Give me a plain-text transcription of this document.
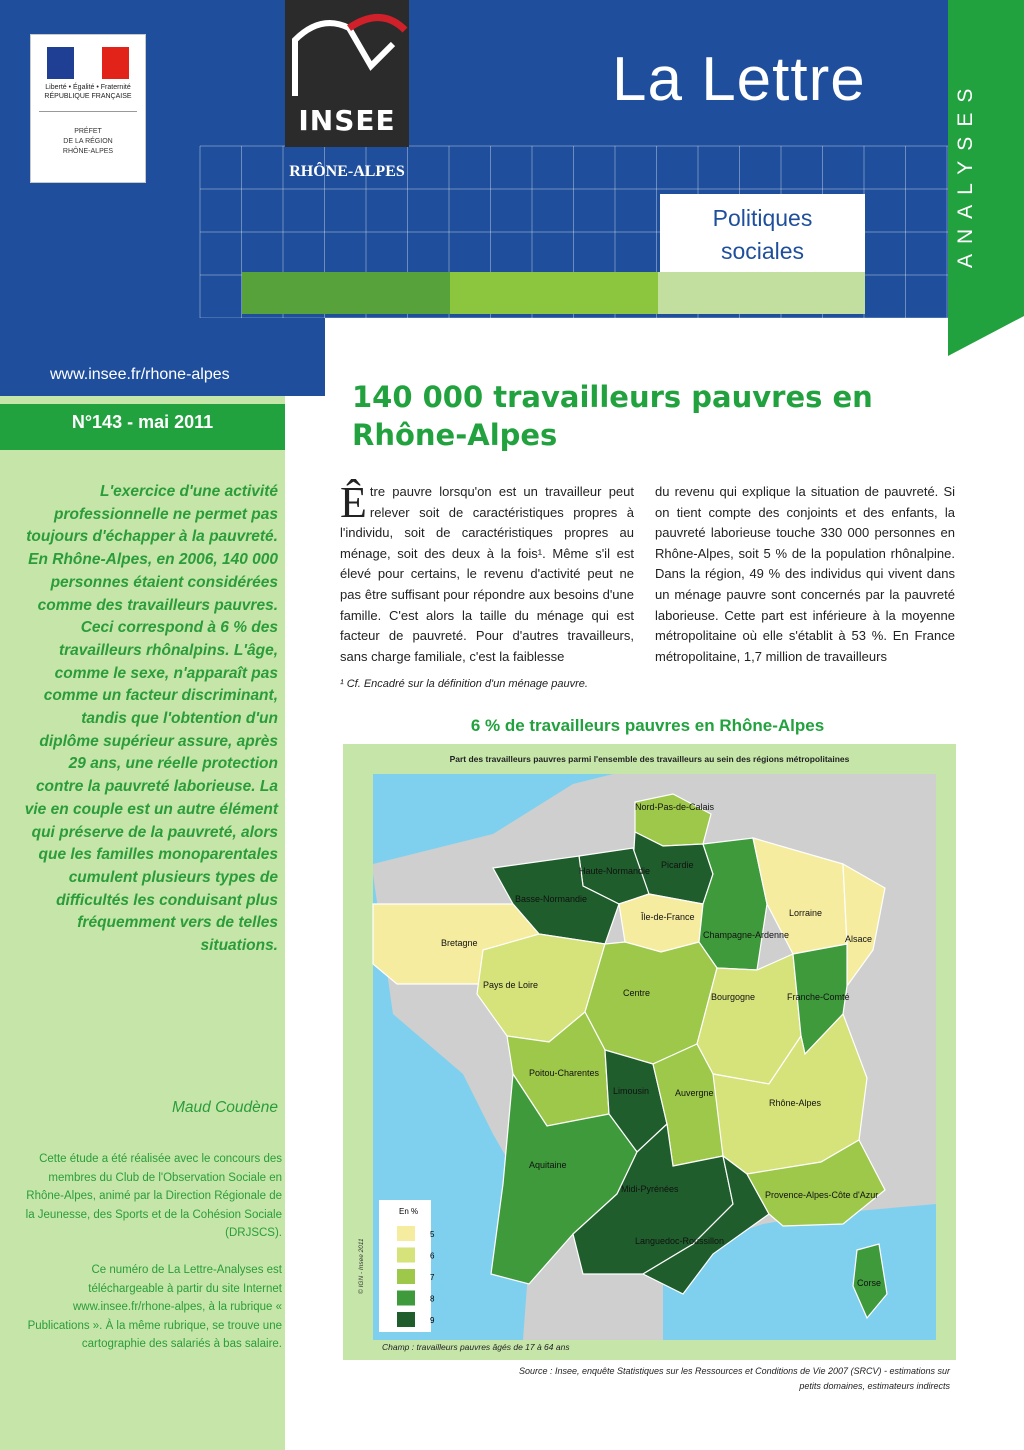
Liberté • Égalité • Fraternité
RÉPUBLIQUE FRANÇAISE
PRÉFET
DE LA RÉGION
RHÔNE-ALPES
INSEE
RHÔNE-ALPES
La Lettre
Politiques
sociales
www.insee.fr/rhone-alpes
N°143 - mai 2011
L'exercice d'une activité professionnelle ne permet pas toujours d'échapper à la pauvreté. En Rhône-Alpes, en 2006, 140 000 personnes étaient considérées comme des travailleurs pauvres. Ceci correspond à 6 % des travailleurs rhônalpins. L'âge, comme le sexe, n'apparaît pas comme un facteur discriminant, tandis que l'obtention d'un diplôme supérieur assure, après 29 ans, une réelle protection contre la pauvreté laborieuse. La vie en couple est un autre élément qui préserve de la pauvreté, alors que les familles monoparentales cumulent plusieurs types de difficultés les conduisant plus fréquemment vers de telles situations.
Maud Coudène
Cette étude a été réalisée avec le concours des membres du Club de l'Observation Sociale en Rhône-Alpes, animé par la Direction Régionale de la Jeunesse, des Sports et de la Cohésion Sociale (DRJSCS).
Ce numéro de La Lettre-Analyses est téléchargeable à partir du site Internet www.insee.fr/rhone-alpes, à la rubrique « Publications ». À la même rubrique, se trouve une cartographie des salariés à bas salaire.
140 000 travailleurs pauvres en Rhône-Alpes
Être pauvre lorsqu'on est un travailleur peut relever soit de caractéristiques propres à l'individu, soit de caractéristiques propres au ménage, soit des deux à la fois¹. Même s'il est élevé pour certains, le revenu d'activité peut ne pas être suffisant pour répondre aux besoins d'une famille. C'est alors la taille du ménage qui est facteur de pauvreté. Pour d'autres travailleurs, sans charge familiale, c'est la faiblesse
du revenu qui explique la situation de pauvreté. Si on tient compte des conjoints et des enfants, la pauvreté laborieuse touche 330 000 personnes en Rhône-Alpes, soit 5 % de la population rhônalpine. Dans la région, 49 % des individus qui vivent dans un ménage pauvre sont concernés par la pauvreté laborieuse. Cette part est inférieure à la moyenne métropolitaine où elle s'établit à 53 %. En France métropolitaine, 1,7 million de travailleurs
¹ Cf. Encadré sur la définition d'un ménage pauvre.
6 % de travailleurs pauvres en Rhône-Alpes
Part des travailleurs pauvres parmi l'ensemble des travailleurs au sein des régions métropolitaines
Nord-Pas-de-Calais
Picardie
Haute-Normandie
Basse-Normandie
Île-de-France
Champagne-Ardenne
Lorraine
Alsace
Bretagne
Pays de Loire
Centre	Bourgogne	Franche-Comté
Poitou-Charentes
Limousin	Auvergne
Rhône-Alpes
Aquitaine
Midi-Pyrénées
Languedoc-Roussillon
Provence-Alpes-Côte d'Azur
Corse
En %
5
6
7
8
9
© IGN - Insee 2011
Champ : travailleurs pauvres âgés de 17 à 64 ans
Source : Insee, enquête Statistiques sur les Ressources et Conditions de Vie 2007 (SRCV) - estimations sur petits domaines, estimateurs indirects
